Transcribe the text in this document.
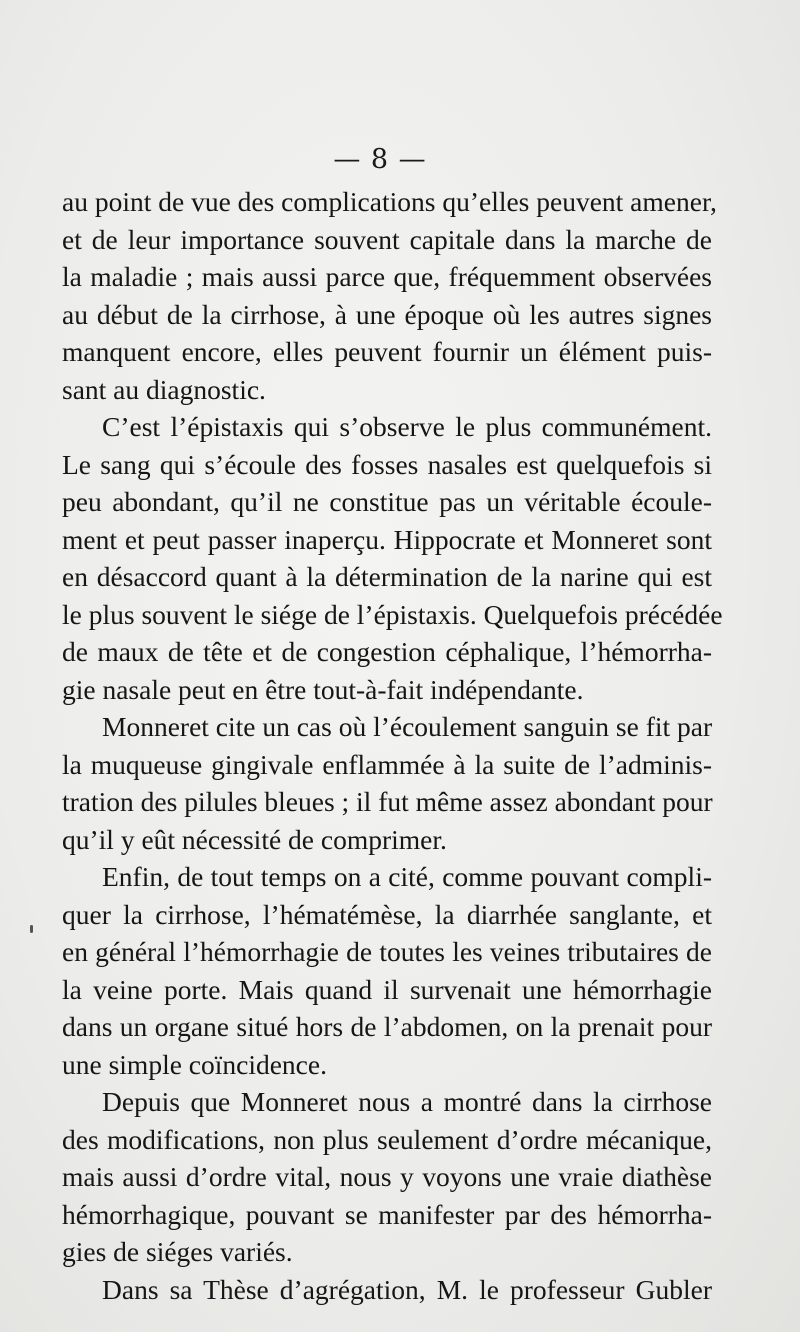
— 8 —
au point de vue des complications qu’elles peuvent amener,
et de leur importance souvent capitale dans la marche de
la maladie ; mais aussi parce que, fréquemment observées
au début de la cirrhose, à une époque où les autres signes
manquent encore, elles peuvent fournir un élément puis-
sant au diagnostic.
C’est l’épistaxis qui s’observe le plus communément.
Le sang qui s’écoule des fosses nasales est quelquefois si
peu abondant, qu’il ne constitue pas un véritable écoule-
ment et peut passer inaperçu. Hippocrate et Monneret sont
en désaccord quant à la détermination de la narine qui est
le plus souvent le siége de l’épistaxis. Quelquefois précédée
de maux de tête et de congestion céphalique, l’hémorrha-
gie nasale peut en être tout-à-fait indépendante.
Monneret cite un cas où l’écoulement sanguin se fit par
la muqueuse gingivale enflammée à la suite de l’adminis-
tration des pilules bleues ; il fut même assez abondant pour
qu’il y eût nécessité de comprimer.
Enfin, de tout temps on a cité, comme pouvant compli-
quer la cirrhose, l’hématémèse, la diarrhée sanglante, et
en général l’hémorrhagie de toutes les veines tributaires de
la veine porte. Mais quand il survenait une hémorrhagie
dans un organe situé hors de l’abdomen, on la prenait pour
une simple coïncidence.
Depuis que Monneret nous a montré dans la cirrhose
des modifications, non plus seulement d’ordre mécanique,
mais aussi d’ordre vital, nous y voyons une vraie diathèse
hémorrhagique, pouvant se manifester par des hémorrha-
gies de siéges variés.
Dans sa Thèse d’agrégation, M. le professeur Gubler
